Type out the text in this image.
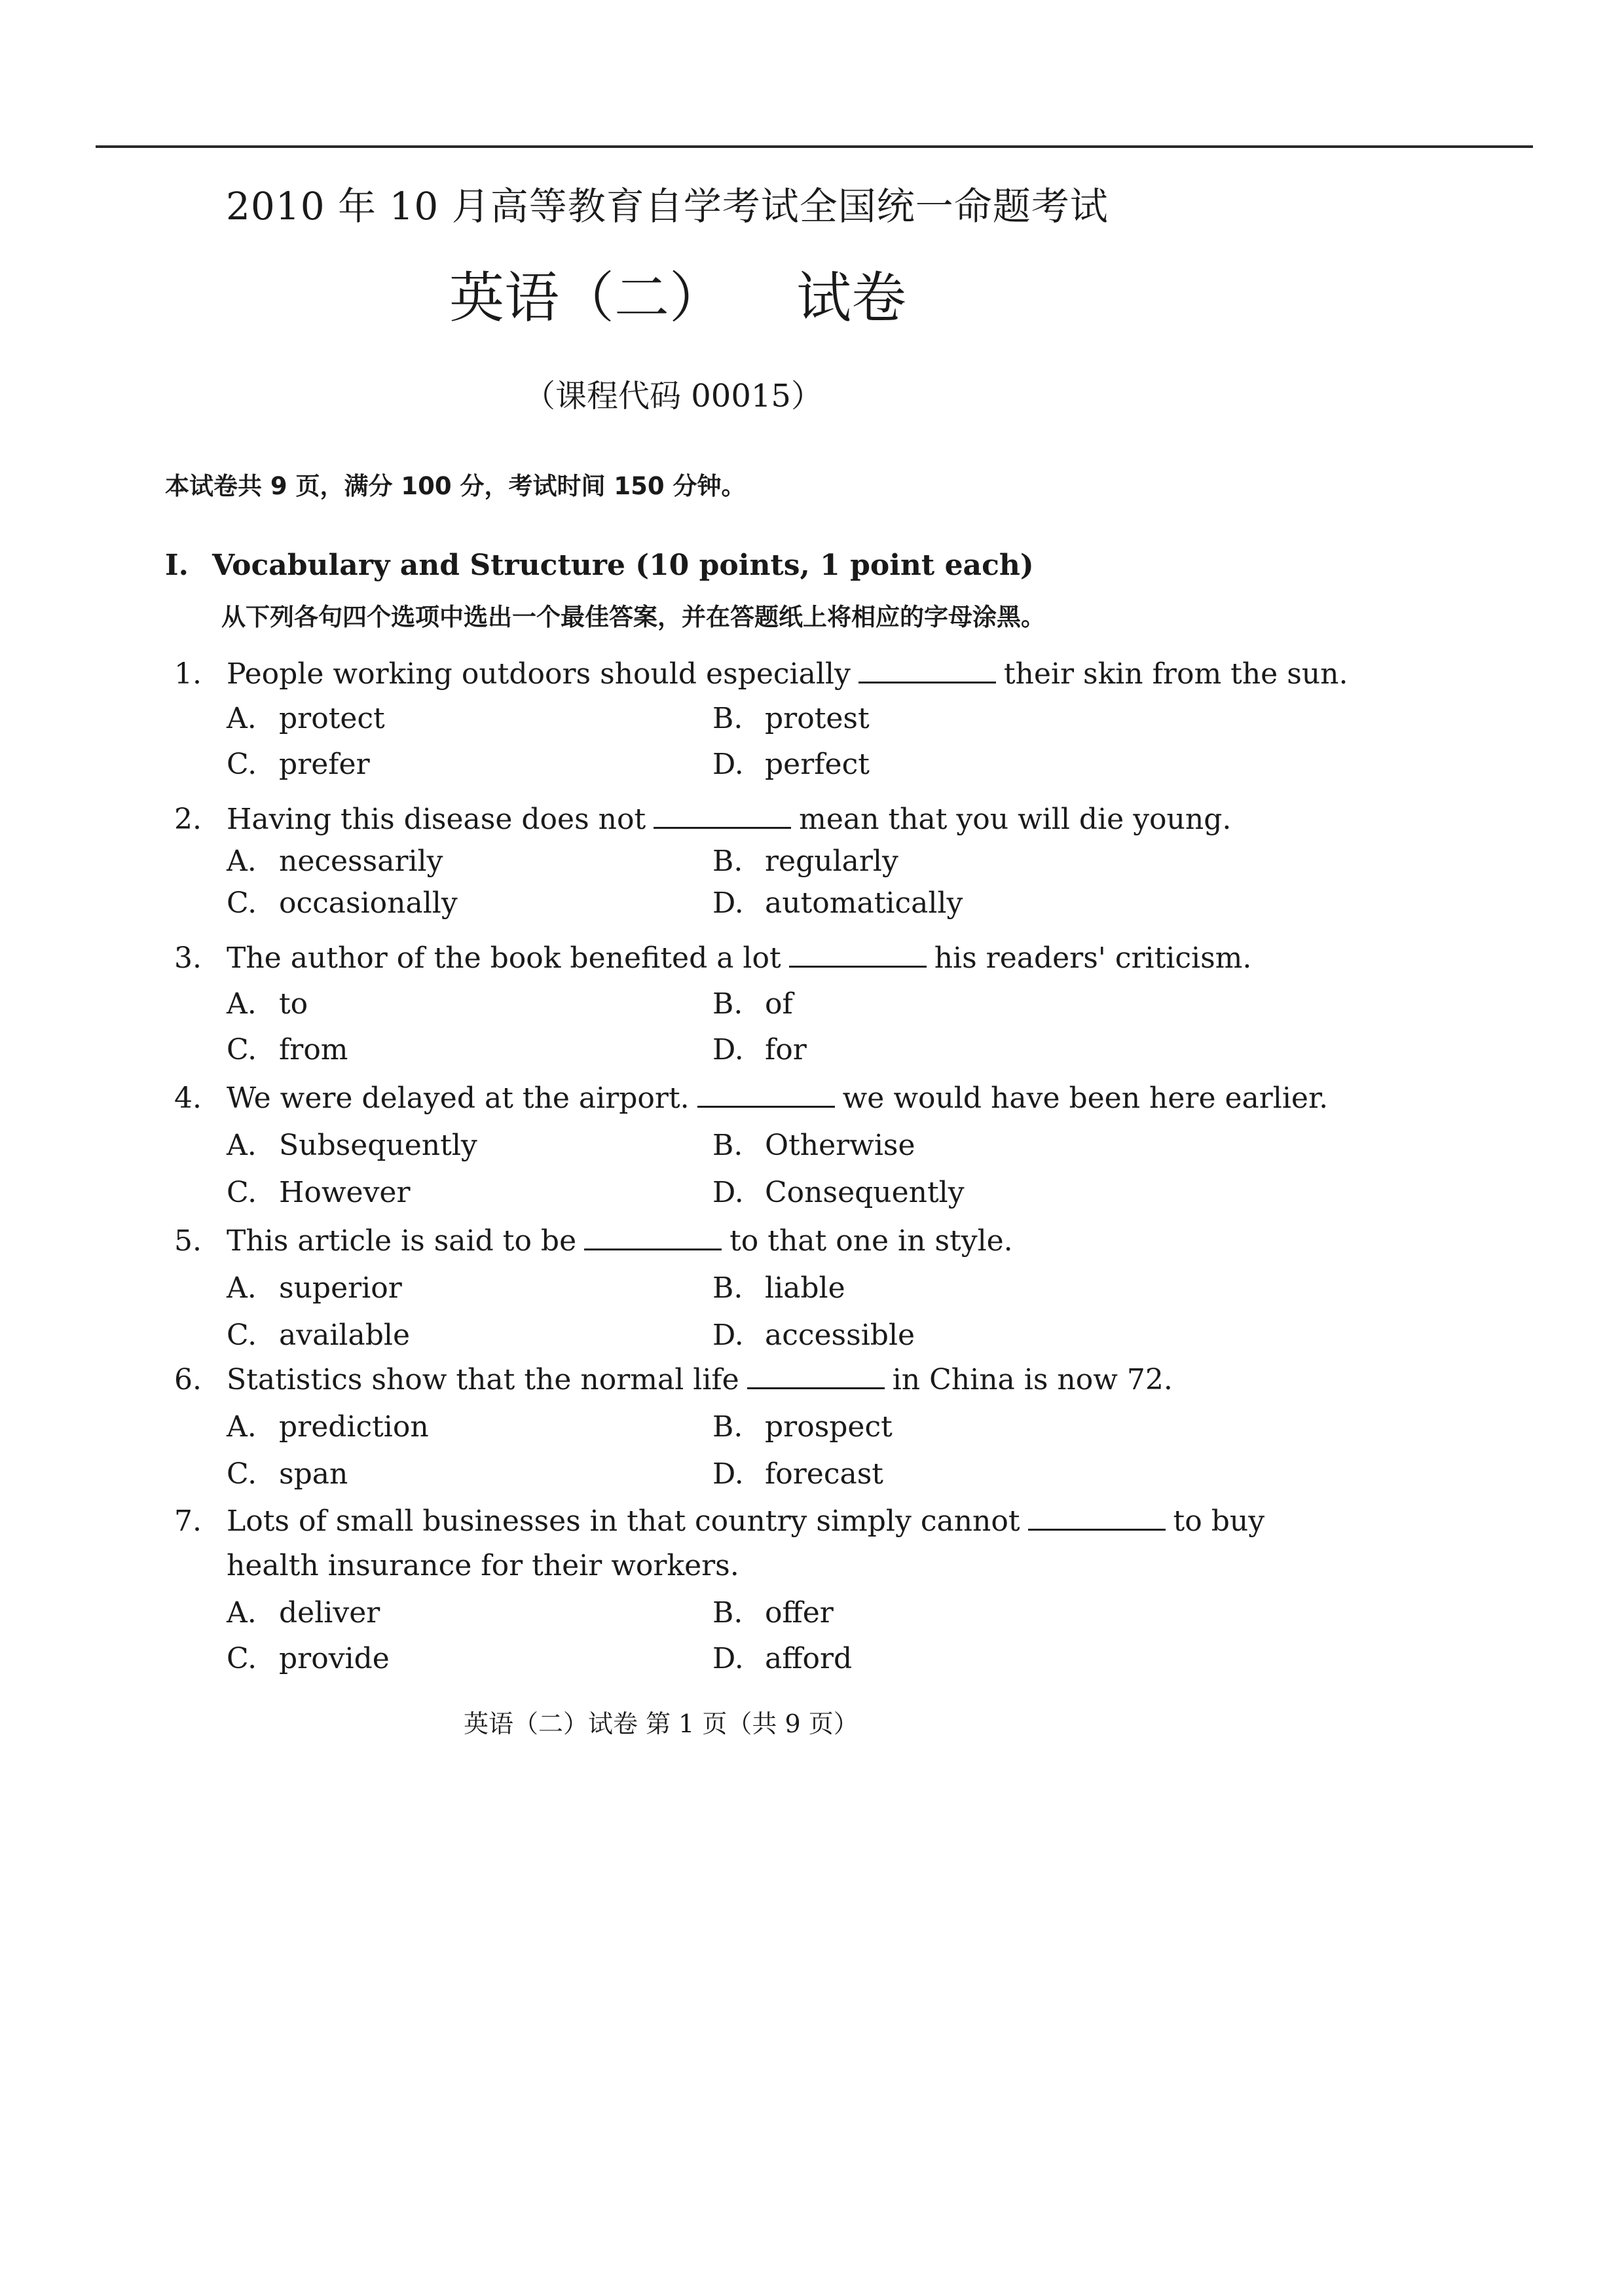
2010 年 10 月高等教育自学考试全国统一命题考试
英语（二） 试卷
（课程代码 00015）
本试卷共 9 页，满分 100 分，考试时间 150 分钟。
I. Vocabulary and Structure (10 points, 1 point each)
从下列各句四个选项中选出一个最佳答案，并在答题纸上将相应的字母涂黑。
1. People working outdoors should especially	their skin from the sun.
A. protect	B. protest
C. prefer	D. perfect
2. Having this disease does not	mean that you will die young.
A. necessarily	B. regularly
C. occasionally	D. automatically
3. The author of the book benefited a lot	his readers' criticism.
A. to	B. of
C. from	D. for
4. We were delayed at the airport.	we would have been here earlier.
A. Subsequently	B. Otherwise
C. However	D. Consequently
5. This article is said to be	to that one in style.
A. superior	B. liable
C. available	D. accessible
6. Statistics show that the normal life	in China is now 72.
A. prediction	B. prospect
C. span	D. forecast
7. Lots of small businesses in that country simply cannot	to buy
health insurance for their workers.
A. deliver	B. offer
C. provide	D. afford
英语（二）试卷 第 1 页（共 9 页）
